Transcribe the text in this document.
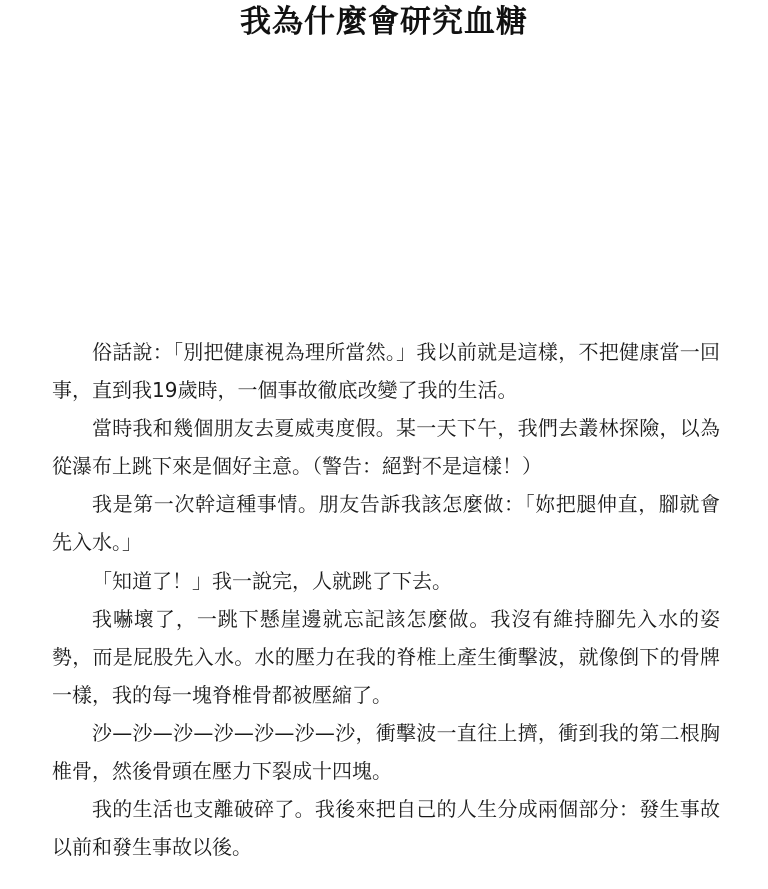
我為什麼會研究血糖

俗話說：「別把健康視為理所當然。」我以前就是這樣，不把健康當一回事，直到我19歲時，一個事故徹底改變了我的生活。

當時我和幾個朋友去夏威夷度假。某一天下午，我們去叢林探險，以為從瀑布上跳下來是個好主意。（警告：絕對不是這樣！）

我是第一次幹這種事情。朋友告訴我該怎麼做：「妳把腿伸直，腳就會先入水。」

「知道了！」我一說完，人就跳了下去。

我嚇壞了，一跳下懸崖邊就忘記該怎麼做。我沒有維持腳先入水的姿勢，而是屁股先入水。水的壓力在我的脊椎上產生衝擊波，就像倒下的骨牌一樣，我的每一塊脊椎骨都被壓縮了。

沙—沙—沙—沙—沙—沙—沙，衝擊波一直往上擠，衝到我的第二根胸椎骨，然後骨頭在壓力下裂成十四塊。

我的生活也支離破碎了。我後來把自己的人生分成兩個部分：發生事故以前和發生事故以後。
